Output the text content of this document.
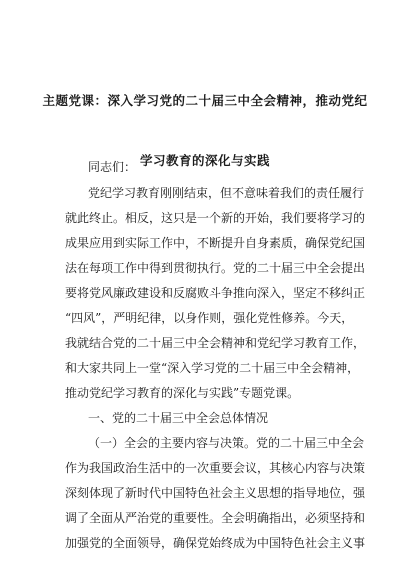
主题党课：深入学习党的二十届三中全会精神，推动党纪
学习教育的深化与实践
同志们：
党纪学习教育刚刚结束，但不意味着我们的责任履行
就此终止。相反，这只是一个新的开始，我们要将学习的
成果应用到实际工作中，不断提升自身素质，确保党纪国
法在每项工作中得到贯彻执行。党的二十届三中全会提出
要将党风廉政建设和反腐败斗争推向深入，坚定不移纠正
“四风”，严明纪律，以身作则，强化党性修养。今天，
我就结合党的二十届三中全会精神和党纪学习教育工作，
和大家共同上一堂“深入学习党的二十届三中全会精神，
推动党纪学习教育的深化与实践”专题党课。
一、党的二十届三中全会总体情况
（一）全会的主要内容与决策。党的二十届三中全会
作为我国政治生活中的一次重要会议，其核心内容与决策
深刻体现了新时代中国特色社会主义思想的指导地位，强
调了全面从严治党的重要性。全会明确指出，必须坚持和
加强党的全面领导，确保党始终成为中国特色社会主义事
